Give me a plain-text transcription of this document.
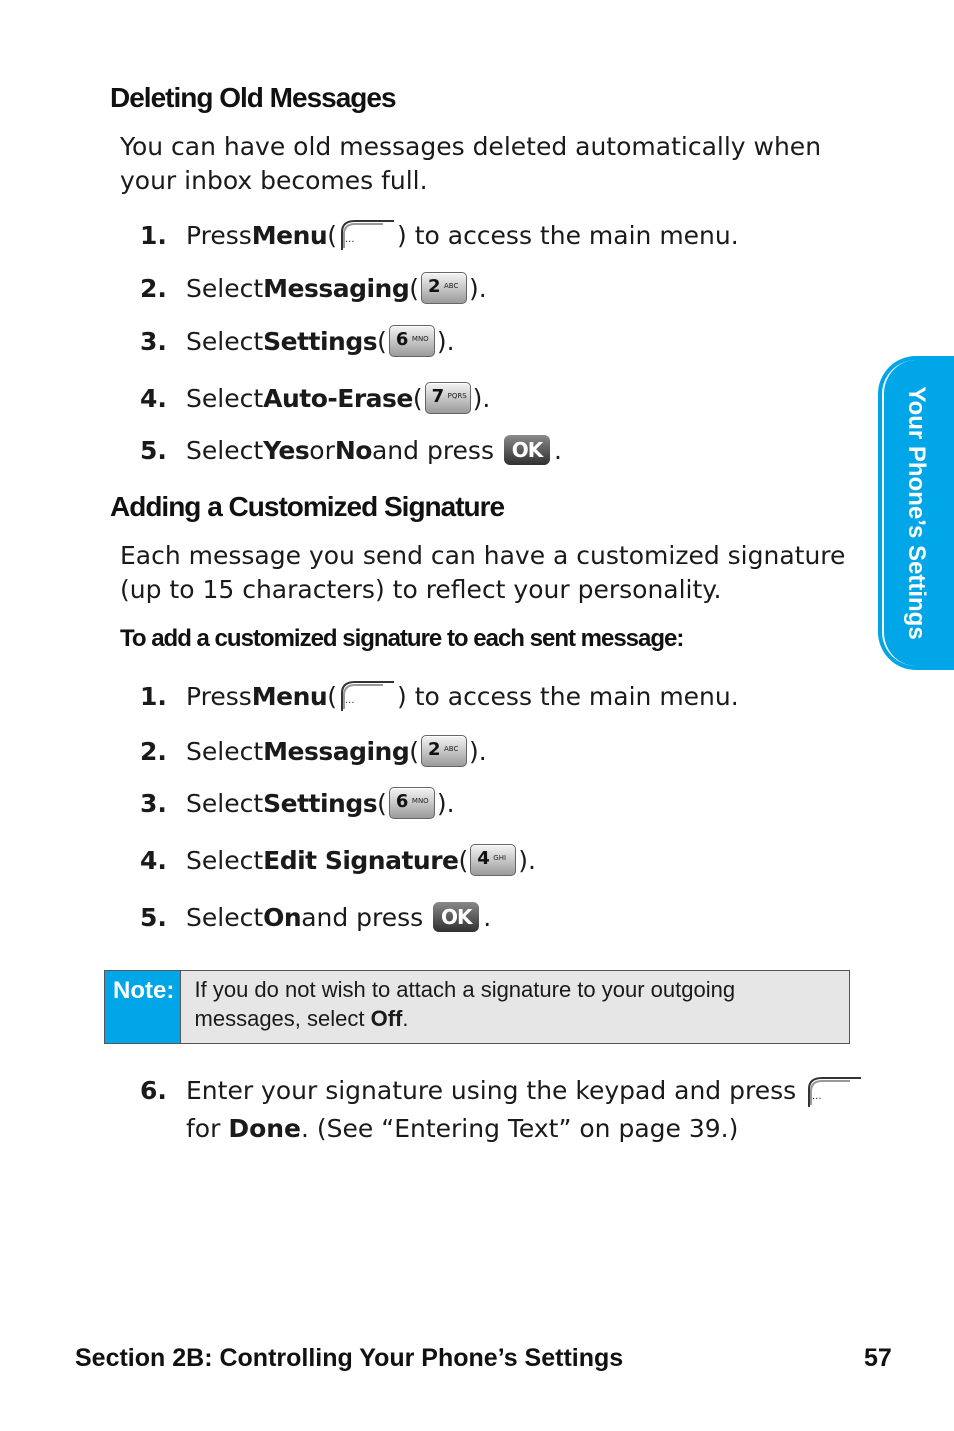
Deleting Old Messages

You can have old messages deleted automatically when your inbox becomes full.

1. Press Menu ( ··· ) to access the main menu.
2. Select Messaging ( 2 ABC ).
3. Select Settings ( 6 MNO ).
4. Select Auto-Erase ( 7 PQRS ).
5. Select Yes or No and press OK .
Adding a Customized Signature

Each message you send can have a customized signature (up to 15 characters) to reflect your personality.

To add a customized signature to each sent message:
1. Press Menu ( ··· ) to access the main menu.
2. Select Messaging ( 2 ABC ).
3. Select Settings ( 6 MNO ).
4. Select Edit Signature ( 4 GHI ).
5. Select On and press OK .
Note: If you do not wish to attach a signature to your outgoing messages, select Off.
6. Enter your signature using the keypad and press ···

for Done. (See “Entering Text” on page 39.)
Your Phone’s Settings
Section 2B: Controlling Your Phone’s Settings	57
